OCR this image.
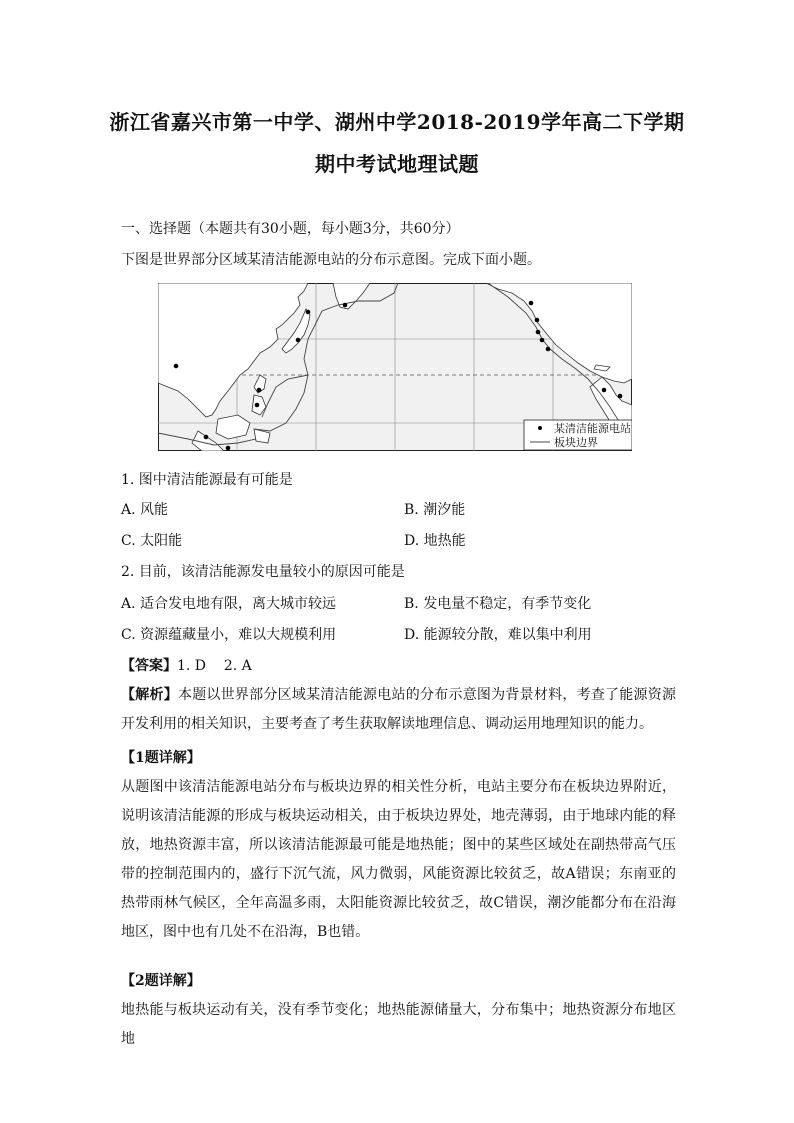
浙江省嘉兴市第一中学、湖州中学2018-2019学年高二下学期
期中考试地理试题
一、选择题（本题共有30小题，每小题3分，共60分）
下图是世界部分区域某清洁能源电站的分布示意图。完成下面小题。
某清洁能源电站
板块边界
1. 图中清洁能源最有可能是
A. 风能	B. 潮汐能
C. 太阳能	D. 地热能
2. 目前，该清洁能源发电量较小的原因可能是
A. 适合发电地有限，离大城市较远	B. 发电量不稳定，有季节变化
C. 资源蕴藏量小，难以大规模利用	D. 能源较分散，难以集中利用
【答案】1. D    2. A
【解析】本题以世界部分区域某清洁能源电站的分布示意图为背景材料，考查了能源资源开发利用的相关知识，主要考查了考生获取解读地理信息、调动运用地理知识的能力。
【1题详解】
从题图中该清洁能源电站分布与板块边界的相关性分析，电站主要分布在板块边界附近，说明该清洁能源的形成与板块运动相关，由于板块边界处，地壳薄弱，由于地球内能的释放，地热资源丰富，所以该清洁能源最可能是地热能；图中的某些区域处在副热带高气压带的控制范围内的，盛行下沉气流，风力微弱，风能资源比较贫乏，故A错误；东南亚的热带雨林气候区，全年高温多雨，太阳能资源比较贫乏，故C错误，潮汐能都分布在沿海地区，图中也有几处不在沿海，B也错。
【2题详解】
地热能与板块运动有关，没有季节变化；地热能源储量大，分布集中；地热资源分布地区地
